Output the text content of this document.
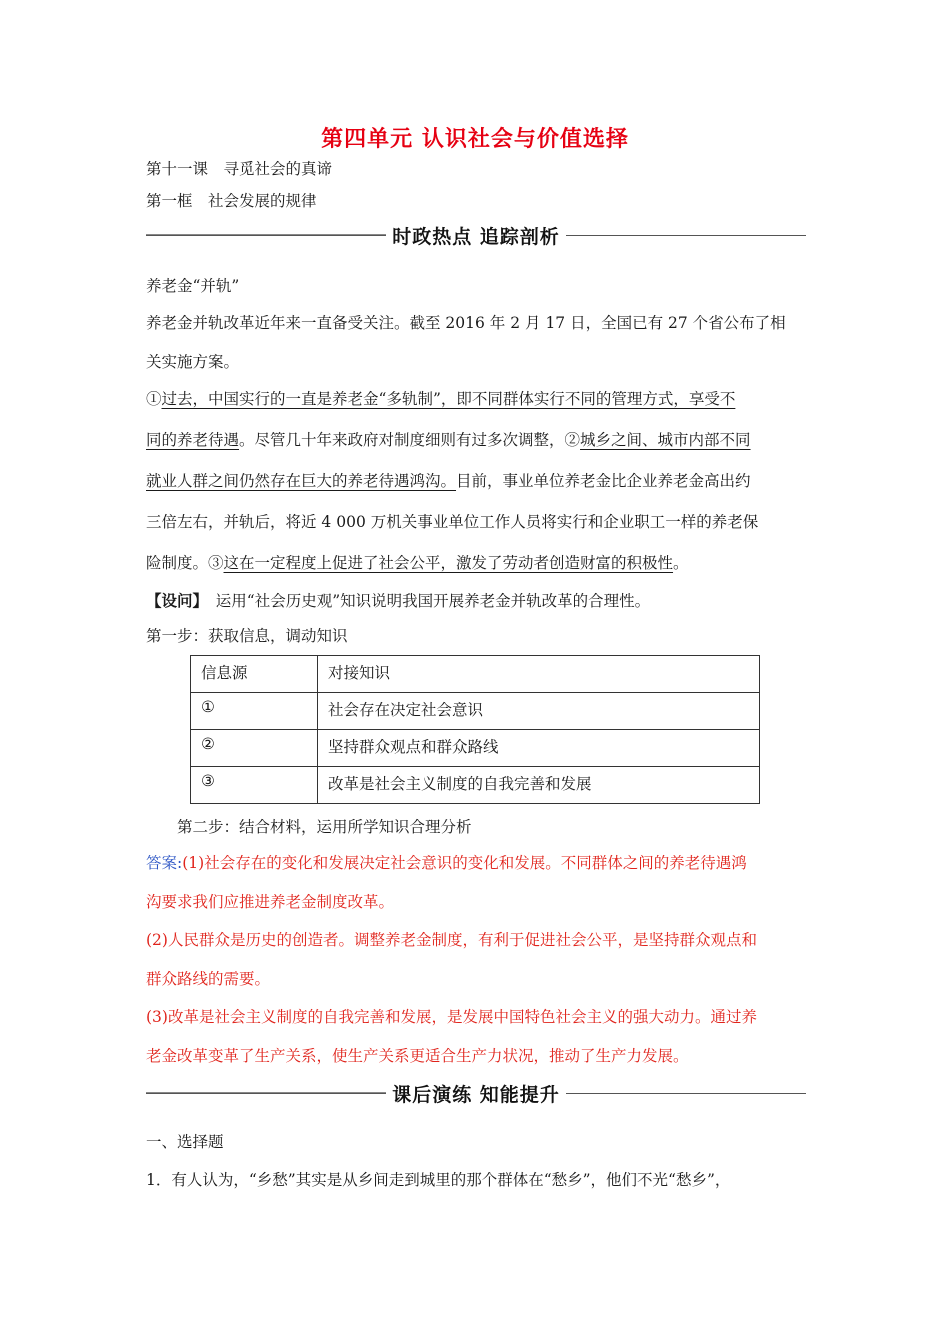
第四单元 认识社会与价值选择
第十一课　寻觅社会的真谛
第一框　社会发展的规律
时政热点 追踪剖析
养老金“并轨”
养老金并轨改革近年来一直备受关注。截至 2016 年 2 月 17 日，全国已有 27 个省公布了相
关实施方案。
①过去，中国实行的一直是养老金“多轨制”，即不同群体实行不同的管理方式，享受不
同的养老待遇。尽管几十年来政府对制度细则有过多次调整，②城乡之间、城市内部不同
就业人群之间仍然存在巨大的养老待遇鸿沟。目前，事业单位养老金比企业养老金高出约
三倍左右，并轨后，将近 4 000 万机关事业单位工作人员将实行和企业职工一样的养老保
险制度。③这在一定程度上促进了社会公平，激发了劳动者创造财富的积极性。
【设问】　 运用“社会历史观”知识说明我国开展养老金并轨改革的合理性。
第一步：获取信息，调动知识
信息源	对接知识
①	社会存在决定社会意识
②	坚持群众观点和群众路线
③	改革是社会主义制度的自我完善和发展
第二步：结合材料，运用所学知识合理分析
答案:(1)社会存在的变化和发展决定社会意识的变化和发展。不同群体之间的养老待遇鸿
沟要求我们应推进养老金制度改革。
(2)人民群众是历史的创造者。调整养老金制度，有利于促进社会公平，是坚持群众观点和
群众路线的需要。
(3)改革是社会主义制度的自我完善和发展，是发展中国特色社会主义的强大动力。通过养
老金改革变革了生产关系，使生产关系更适合生产力状况，推动了生产力发展。
课后演练 知能提升
一、选择题
1．有人认为，“乡愁”其实是从乡间走到城里的那个群体在“愁乡”，他们不光“愁乡”，
